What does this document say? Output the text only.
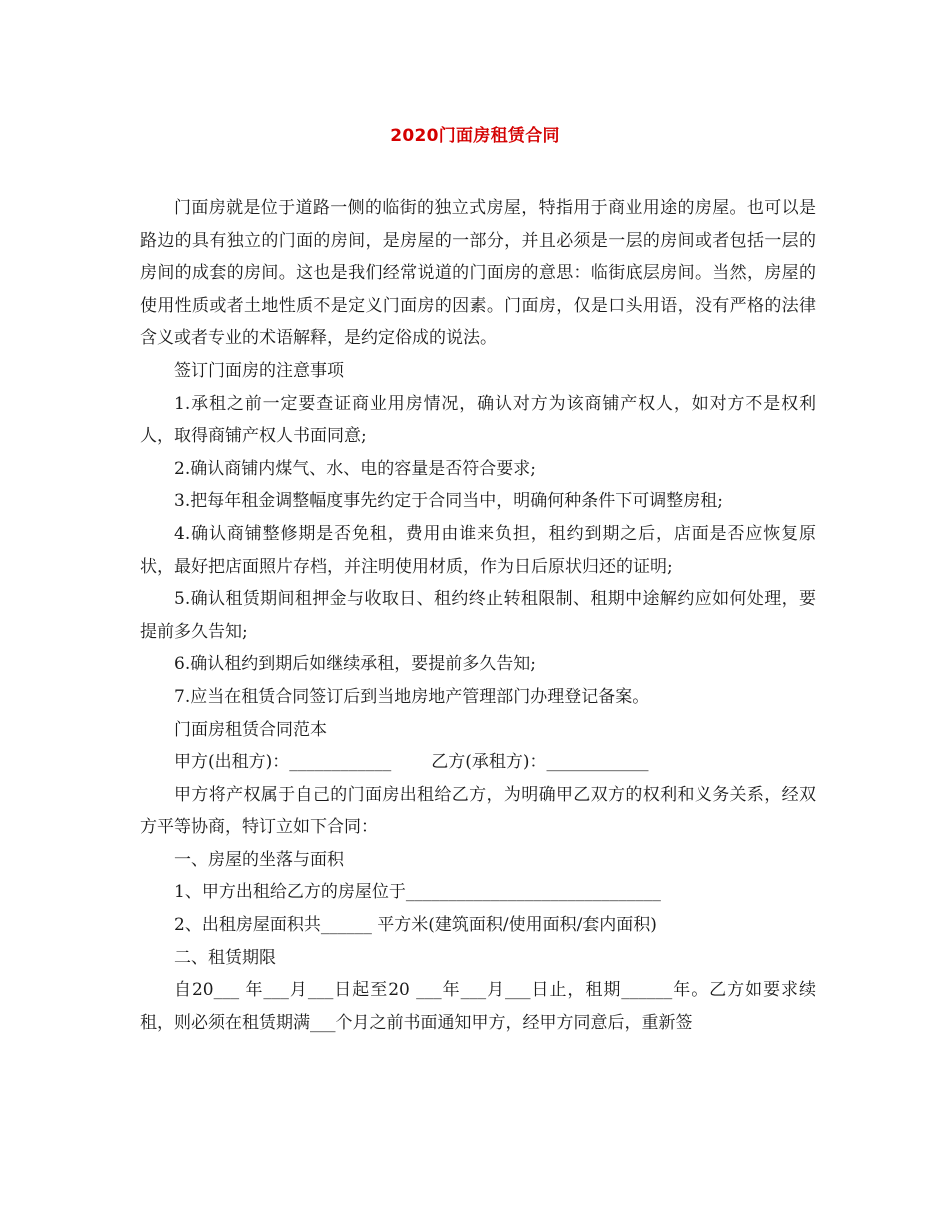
2020门面房租赁合同

门面房就是位于道路一侧的临街的独立式房屋，特指用于商业用途的房屋。也可以是路边的具有独立的门面的房间，是房屋的一部分，并且必须是一层的房间或者包括一层的房间的成套的房间。这也是我们经常说道的门面房的意思：临街底层房间。当然，房屋的使用性质或者土地性质不是定义门面房的因素。门面房，仅是口头用语，没有严格的法律含义或者专业的术语解释，是约定俗成的说法。

签订门面房的注意事项

1.承租之前一定要查证商业用房情况，确认对方为该商铺产权人，如对方不是权利人，取得商铺产权人书面同意;

2.确认商铺内煤气、水、电的容量是否符合要求;

3.把每年租金调整幅度事先约定于合同当中，明确何种条件下可调整房租;

4.确认商铺整修期是否免租，费用由谁来负担，租约到期之后，店面是否应恢复原状，最好把店面照片存档，并注明使用材质，作为日后原状归还的证明;

5.确认租赁期间租押金与收取日、租约终止转租限制、租期中途解约应如何处理，要提前多久告知;

6.确认租约到期后如继续承租，要提前多久告知;

7.应当在租赁合同签订后到当地房地产管理部门办理登记备案。

门面房租赁合同范本

甲方(出租方)：____________ 乙方(承租方)：____________

甲方将产权属于自己的门面房出租给乙方，为明确甲乙双方的权利和义务关系，经双方平等协商，特订立如下合同：

一、房屋的坐落与面积

1、甲方出租给乙方的房屋位于______________________________

2、出租房屋面积共______ 平方米(建筑面积/使用面积/套内面积)

二、租赁期限

自20___ 年___月___日起至20 ___年___月___日止，租期______年。乙方如要求续租，则必须在租赁期满___个月之前书面通知甲方，经甲方同意后，重新签
